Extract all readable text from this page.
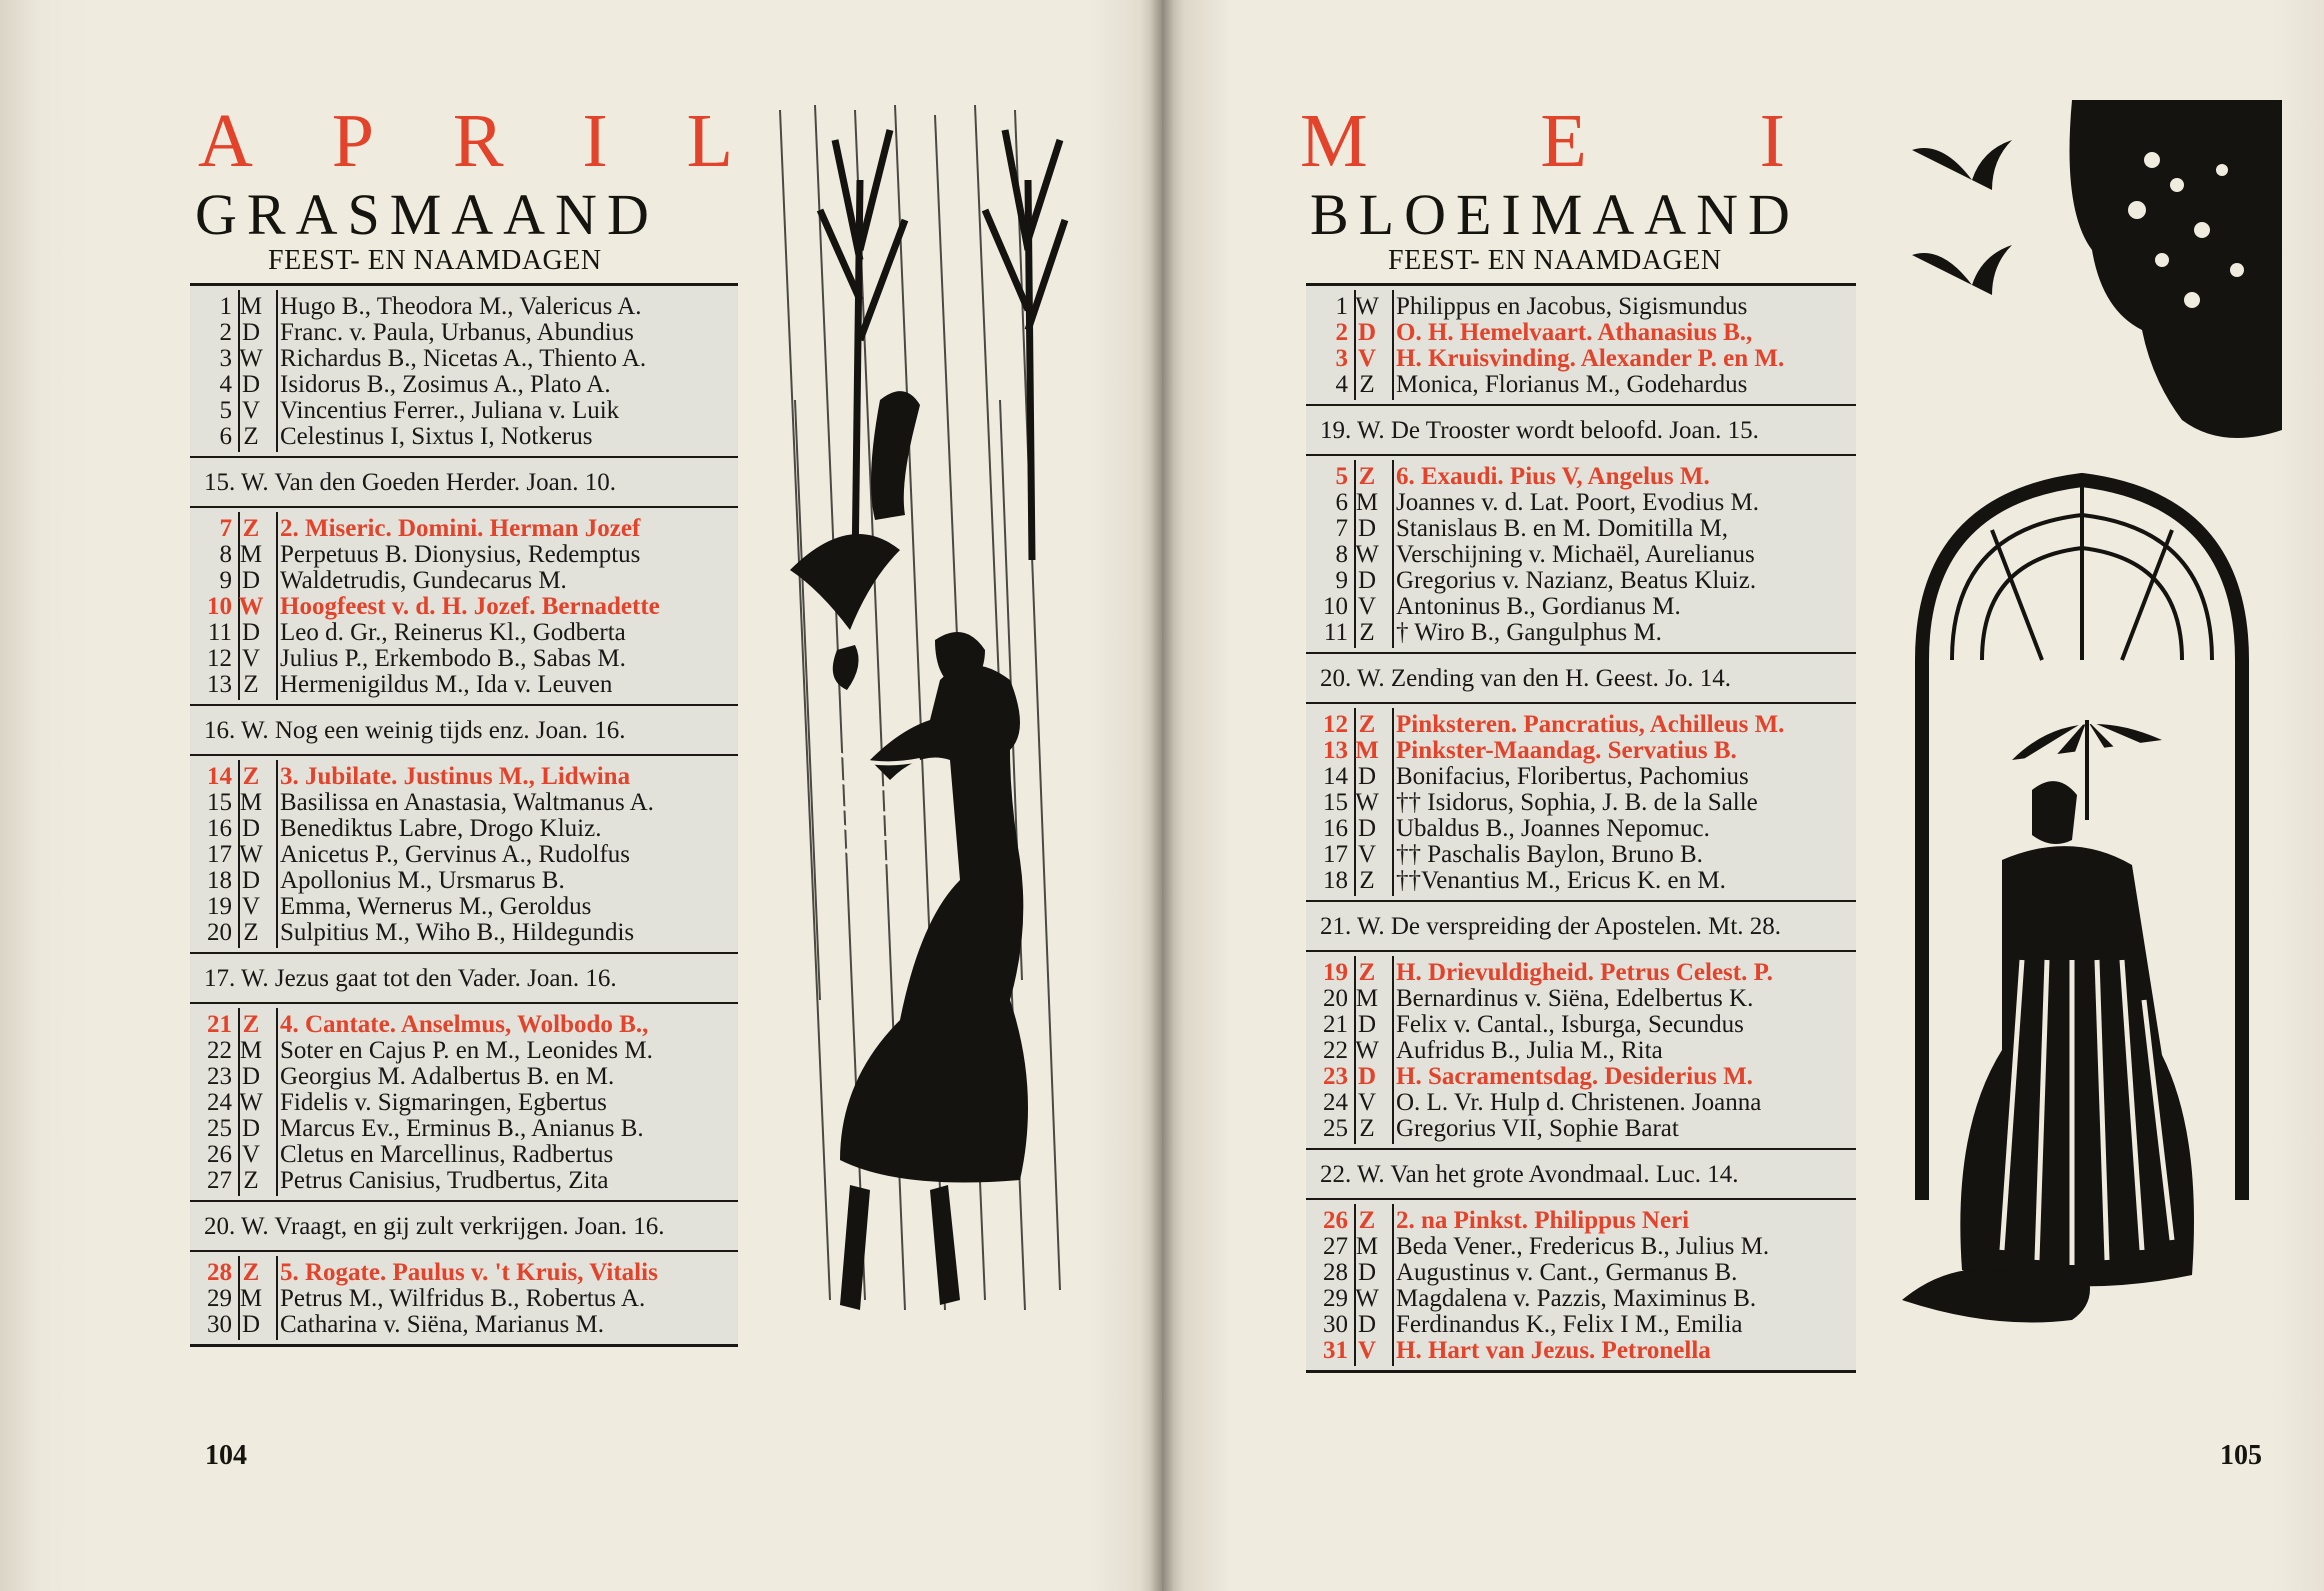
A P R I L
GRASMAAND
FEEST- EN NAAMDAGEN
1 M Hugo B., Theodora M., Valericus A.
2 D Franc. v. Paula, Urbanus, Abundius
3 W Richardus B., Nicetas A., Thiento A.
4 D Isidorus B., Zosimus A., Plato A.
5 V Vincentius Ferrer., Juliana v. Luik
6 Z Celestinus I, Sixtus I, Notkerus
15. W. Van den Goeden Herder. Joan. 10.
7 Z 2. Miseric. Domini. Herman Jozef
8 M Perpetuus B. Dionysius, Redemptus
9 D Waldetrudis, Gundecarus M.
10 W Hoogfeest v. d. H. Jozef. Bernadette
11 D Leo d. Gr., Reinerus Kl., Godberta
12 V Julius P., Erkembodo B., Sabas M.
13 Z Hermenigildus M., Ida v. Leuven
16. W. Nog een weinig tijds enz. Joan. 16.
14 Z 3. Jubilate. Justinus M., Lidwina
15 M Basilissa en Anastasia, Waltmanus A.
16 D Benediktus Labre, Drogo Kluiz.
17 W Anicetus P., Gervinus A., Rudolfus
18 D Apollonius M., Ursmarus B.
19 V Emma, Wernerus M., Geroldus
20 Z Sulpitius M., Wiho B., Hildegundis
17. W. Jezus gaat tot den Vader. Joan. 16.
21 Z 4. Cantate. Anselmus, Wolbodo B.,
22 M Soter en Cajus P. en M., Leonides M.
23 D Georgius M. Adalbertus B. en M.
24 W Fidelis v. Sigmaringen, Egbertus
25 D Marcus Ev., Erminus B., Anianus B.
26 V Cletus en Marcellinus, Radbertus
27 Z Petrus Canisius, Trudbertus, Zita
20. W. Vraagt, en gij zult verkrijgen. Joan. 16.
28 Z 5. Rogate. Paulus v. 't Kruis, Vitalis
29 M Petrus M., Wilfridus B., Robertus A.
30 D Catharina v. Siëna, Marianus M.
104
M E I
BLOEIMAAND
FEEST- EN NAAMDAGEN
1 W Philippus en Jacobus, Sigismundus
2 D O. H. Hemelvaart. Athanasius B.,
3 V H. Kruisvinding. Alexander P. en M.
4 Z Monica, Florianus M., Godehardus
19. W. De Trooster wordt beloofd. Joan. 15.
5 Z 6. Exaudi. Pius V, Angelus M.
6 M Joannes v. d. Lat. Poort, Evodius M.
7 D Stanislaus B. en M. Domitilla M,
8 W Verschijning v. Michaël, Aurelianus
9 D Gregorius v. Nazianz, Beatus Kluiz.
10 V Antoninus B., Gordianus M.
11 Z † Wiro B., Gangulphus M.
20. W. Zending van den H. Geest. Jo. 14.
12 Z Pinksteren. Pancratius, Achilleus M.
13 M Pinkster-Maandag. Servatius B.
14 D Bonifacius, Floribertus, Pachomius
15 W †† Isidorus, Sophia, J. B. de la Salle
16 D Ubaldus B., Joannes Nepomuc.
17 V †† Paschalis Baylon, Bruno B.
18 Z ††Venantius M., Ericus K. en M.
21. W. De verspreiding der Apostelen. Mt. 28.
19 Z H. Drievuldigheid. Petrus Celest. P.
20 M Bernardinus v. Siëna, Edelbertus K.
21 D Felix v. Cantal., Isburga, Secundus
22 W Aufridus B., Julia M., Rita
23 D H. Sacramentsdag. Desiderius M.
24 V O. L. Vr. Hulp d. Christenen. Joanna
25 Z Gregorius VII, Sophie Barat
22. W. Van het grote Avondmaal. Luc. 14.
26 Z 2. na Pinkst. Philippus Neri
27 M Beda Vener., Fredericus B., Julius M.
28 D Augustinus v. Cant., Germanus B.
29 W Magdalena v. Pazzis, Maximinus B.
30 D Ferdinandus K., Felix I M., Emilia
31 V H. Hart van Jezus. Petronella
105
